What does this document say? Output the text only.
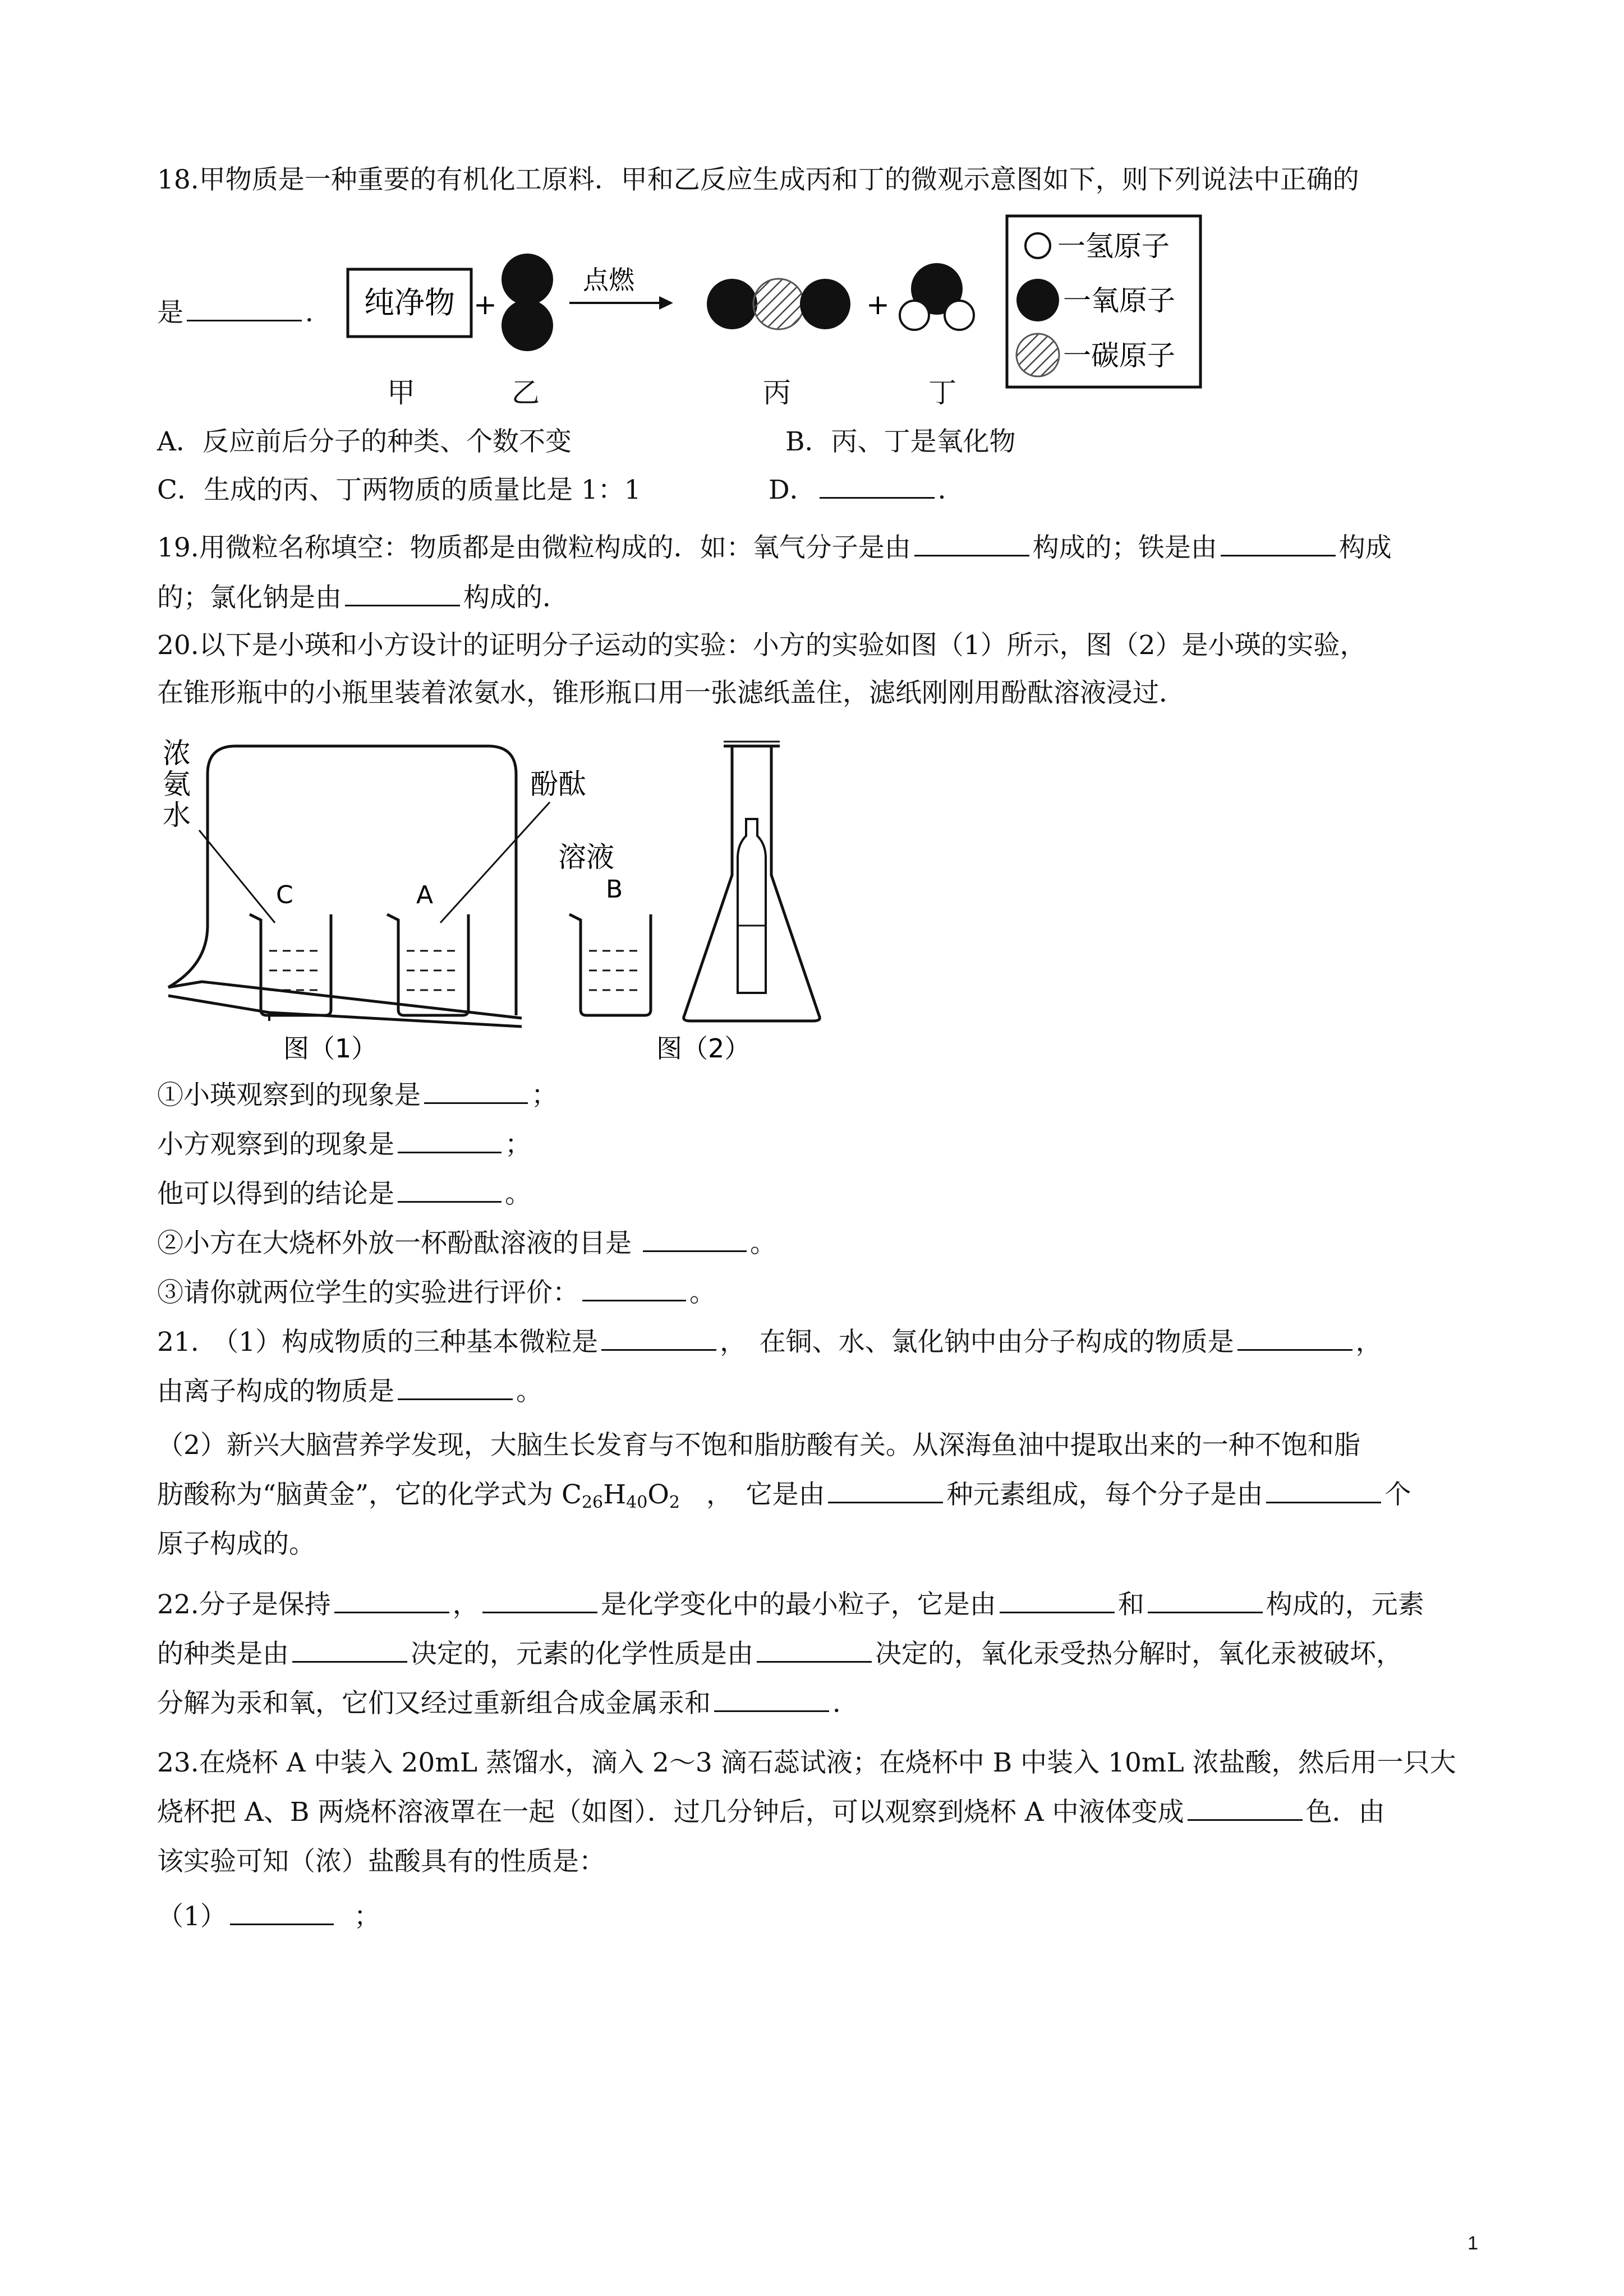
18.甲物质是一种重要的有机化工原料．甲和乙反应生成丙和丁的微观示意图如下，则下列说法中正确的
是	． 纯净物 +
点燃
+
一氢原子
一氧原子
一碳原子
甲	乙	丙	丁
A．反应前后分子的种类、个数不变	B．丙、丁是氧化物
C．生成的丙、丁两物质的质量比是 1：1	D．	．
19.用微粒名称填空：物质都是由微粒构成的．如：氧气分子是由	构成的；铁是由	构成
的；氯化钠是由	构成的．
20.以下是小瑛和小方设计的证明分子运动的实验：小方的实验如图（1）所示，图（2）是小瑛的实验，
在锥形瓶中的小瓶里装着浓氨水，锥形瓶口用一张滤纸盖住，滤纸刚刚用酚酞溶液浸过．
C	A	B
浓
氨
水
酚酞
溶液
图（1）	图（2）
①小瑛观察到的现象是	；
小方观察到的现象是	；
他可以得到的结论是	。
②小方在大烧杯外放一杯酚酞溶液的目是	。
③请你就两位学生的实验进行评价：	。
21.　（1）构成物质的三种基本微粒是	，　在铜、水、氯化钠中由分子构成的物质是	，
由离子构成的物质是	。
（2）新兴大脑营养学发现，大脑生长发育与不饱和脂肪酸有关。从深海鱼油中提取出来的一种不饱和脂
肪酸称为“脑黄金”，它的化学式为 $C_{26}H_{40}O_2$　，　它是由	种元素组成，每个分子是由	个
原子构成的。
22.分子是保持	，	是化学变化中的最小粒子，它是由	和	构成的，元素
的种类是由	决定的，元素的化学性质是由	决定的，氧化汞受热分解时，氧化汞被破坏，
分解为汞和氧，它们又经过重新组合成金属汞和	．
23.在烧杯 A 中装入 20mL 蒸馏水，滴入 2～3 滴石蕊试液；在烧杯中 B 中装入 10mL 浓盐酸，然后用一只大
烧杯把 A、B 两烧杯溶液罩在一起（如图）．过几分钟后，可以观察到烧杯 A 中液体变成	色．由
该实验可知（浓）盐酸具有的性质是：
（1）	；
1
